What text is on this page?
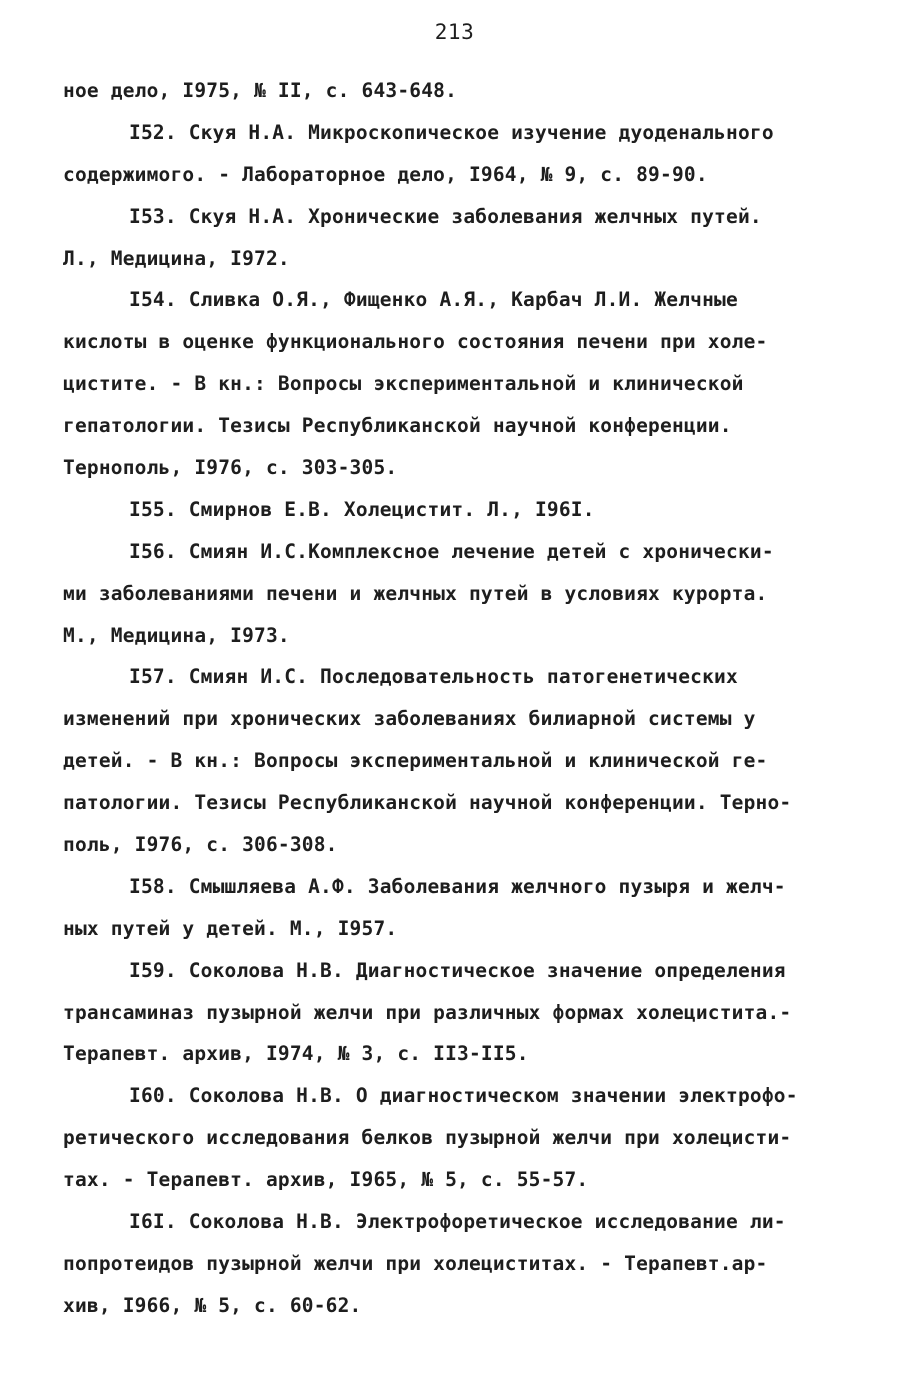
213
ное дело, I975, № II, с. 643-648.
I52. Скуя Н.А. Микроскопическое изучение дуоденального
содержимого. - Лабораторное дело, I964, № 9, с. 89-90.
I53. Скуя Н.А. Хронические заболевания желчных путей.
Л., Медицина, I972.
I54. Сливка О.Я., Фищенко А.Я., Карбач Л.И. Желчные
кислоты в оценке функционального состояния печени при холе-
циститe. - В кн.: Вопросы экспериментальной и клинической
гепатологии. Тезисы Республиканской научной конференции.
Тернополь, I976, с. 303-305.
I55. Смирнов Е.В. Холецистит. Л., I96I.
I56. Смиян И.С.Комплексное лечение детей с хронически-
ми заболеваниями печени и желчных путей в условиях курорта.
М., Медицина, I973.
I57. Смиян И.С. Последовательность патогенетических
изменений при хронических заболеваниях билиарной системы у
детей. - В кн.: Вопросы экспериментальной и клинической ге-
патологии. Тезисы Республиканской научной конференции. Терно-
поль, I976, с. 306-308.
I58. Смышляева А.Ф. Заболевания желчного пузыря и желч-
ных путей у детей. М., I957.
I59. Соколова Н.В. Диагностическое значение определения
трансаминаз пузырной желчи при различных формах холецистита.-
Терапевт. архив, I974, № 3, с. II3-II5.
I60. Соколова Н.В. О диагностическом значении электрофо-
ретического исследования белков пузырной желчи при холецисти-
тах. - Терапевт. архив, I965, № 5, с. 55-57.
I6I. Соколова Н.В. Электрофоретическое исследование ли-
попротеидов пузырной желчи при холециститах. - Терапевт.ар-
хив, I966, № 5, с. 60-62.
